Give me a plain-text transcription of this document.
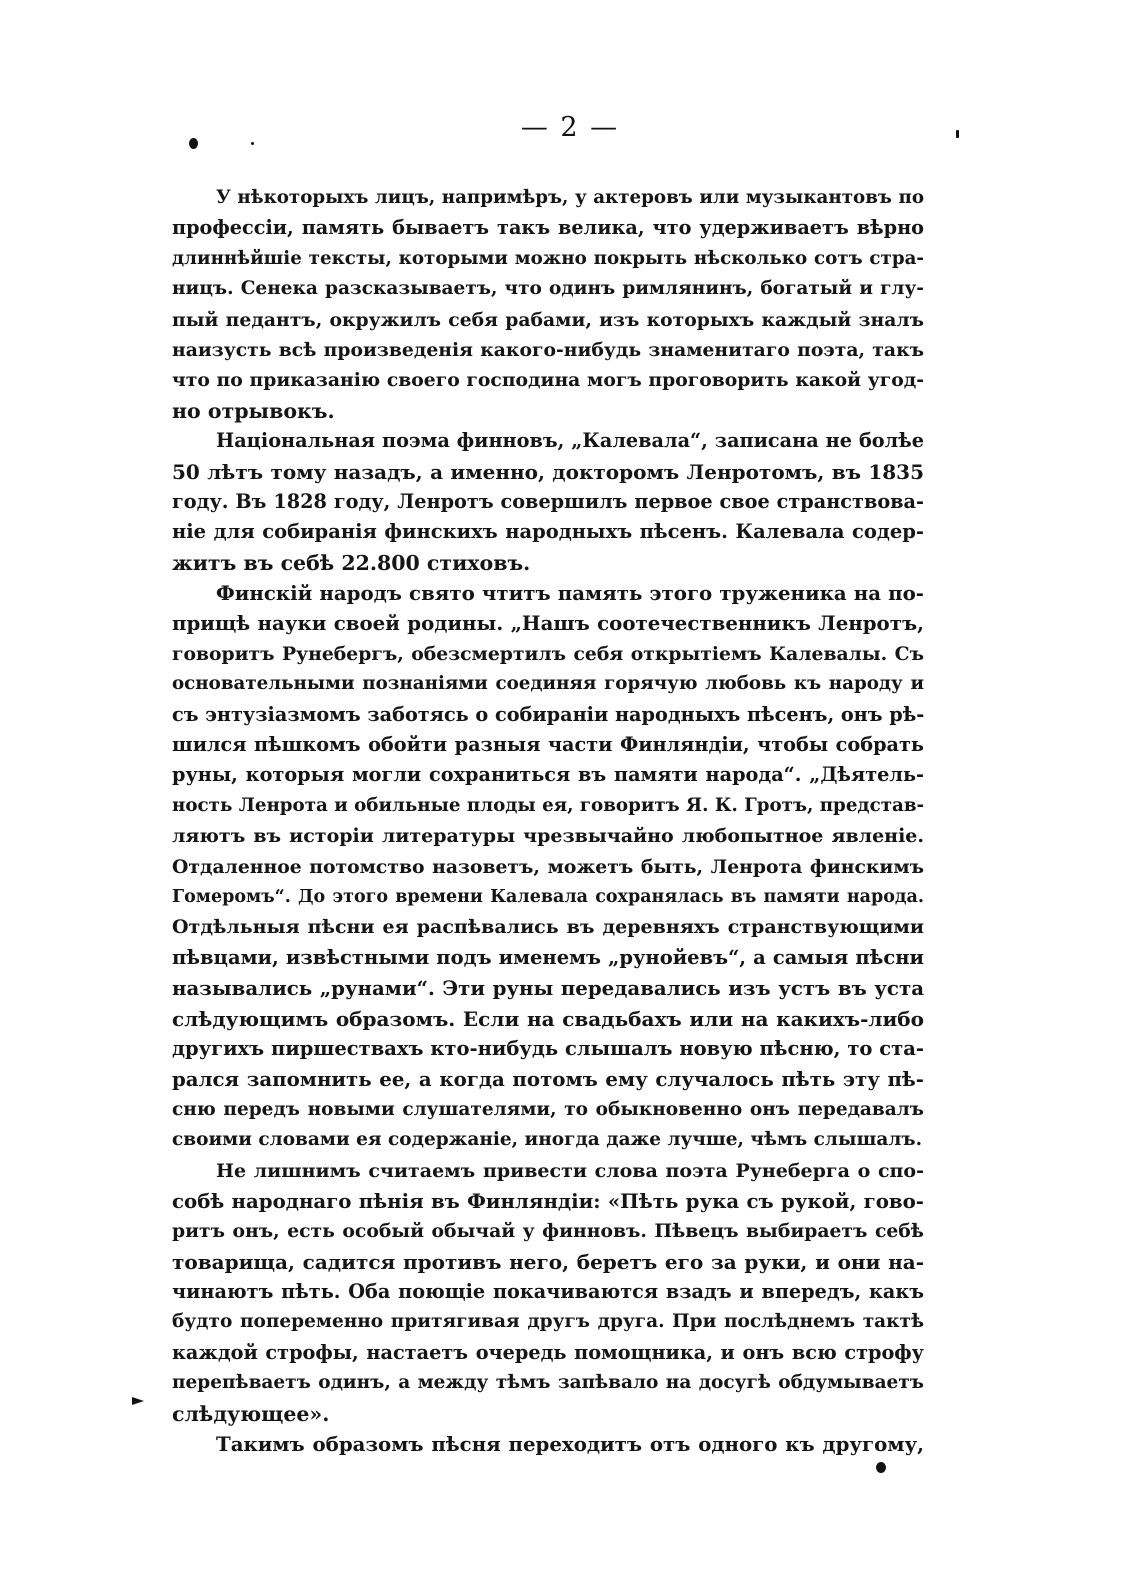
— 2 —
У нѣкоторыхъ лицъ, напримѣръ, у актеровъ или музыкантовъ по
профессіи, память бываетъ такъ велика, что удерживаетъ вѣрно
длиннѣйшіе тексты, которыми можно покрыть нѣсколько сотъ стра-
ницъ. Сенека разсказываетъ, что одинъ римлянинъ, богатый и глу-
пый педантъ, окружилъ себя рабами, изъ которыхъ каждый зналъ
наизусть всѣ произведенія какого-нибудь знаменитаго поэта, такъ
что по приказанію своего господина могъ проговорить какой угод-
но отрывокъ.
Національная поэма финновъ, „Калевала“, записана не болѣе
50 лѣтъ тому назадъ, а именно, докторомъ Ленротомъ, въ 1835
году. Въ 1828 году, Ленротъ совершилъ первое свое странствова-
ніе для собиранія финскихъ народныхъ пѣсенъ. Калевала содер-
житъ въ себѣ 22.800 стиховъ.
Финскій народъ свято чтитъ память этого труженика на по-
прищѣ науки своей родины. „Нашъ соотечественникъ Ленротъ,
говоритъ Рунебергъ, обезсмертилъ себя открытіемъ Калевалы. Съ
основательными познаніями соединяя горячую любовь къ народу и
съ энтузіазмомъ заботясь о собираніи народныхъ пѣсенъ, онъ рѣ-
шился пѣшкомъ обойти разныя части Финляндіи, чтобы собрать
руны, которыя могли сохраниться въ памяти народа“. „Дѣятель-
ность Ленрота и обильные плоды ея, говоритъ Я. К. Гротъ, представ-
ляютъ въ исторіи литературы чрезвычайно любопытное явленіе.
Отдаленное потомство назоветъ, можетъ быть, Ленрота финскимъ
Гомеромъ“. До этого времени Калевала сохранялась въ памяти народа.
Отдѣльныя пѣсни ея распѣвались въ деревняхъ странствующими
пѣвцами, извѣстными подъ именемъ „рунойевъ“, а самыя пѣсни
назывались „рунами“. Эти руны передавались изъ устъ въ уста
слѣдующимъ образомъ. Если на свадьбахъ или на какихъ-либо
другихъ пиршествахъ кто-нибудь слышалъ новую пѣсню, то ста-
рался запомнить ее, а когда потомъ ему случалось пѣть эту пѣ-
сню передъ новыми слушателями, то обыкновенно онъ передавалъ
своими словами ея содержаніе, иногда даже лучше, чѣмъ слышалъ.
Не лишнимъ считаемъ привести слова поэта Рунеберга о спо-
собѣ народнаго пѣнія въ Финляндіи: «Пѣть рука съ рукой, гово-
ритъ онъ, есть особый обычай у финновъ. Пѣвецъ выбираетъ себѣ
товарища, садится противъ него, беретъ его за руки, и они на-
чинаютъ пѣть. Оба поющіе покачиваются взадъ и впередъ, какъ
будто попеременно притягивая другъ друга. При послѣднемъ тактѣ
каждой строфы, настаетъ очередь помощника, и онъ всю строфу
перепѣваетъ одинъ, а между тѣмъ запѣвало на досугѣ обдумываетъ
слѣдующее».
Такимъ образомъ пѣсня переходитъ отъ одного къ другому,
